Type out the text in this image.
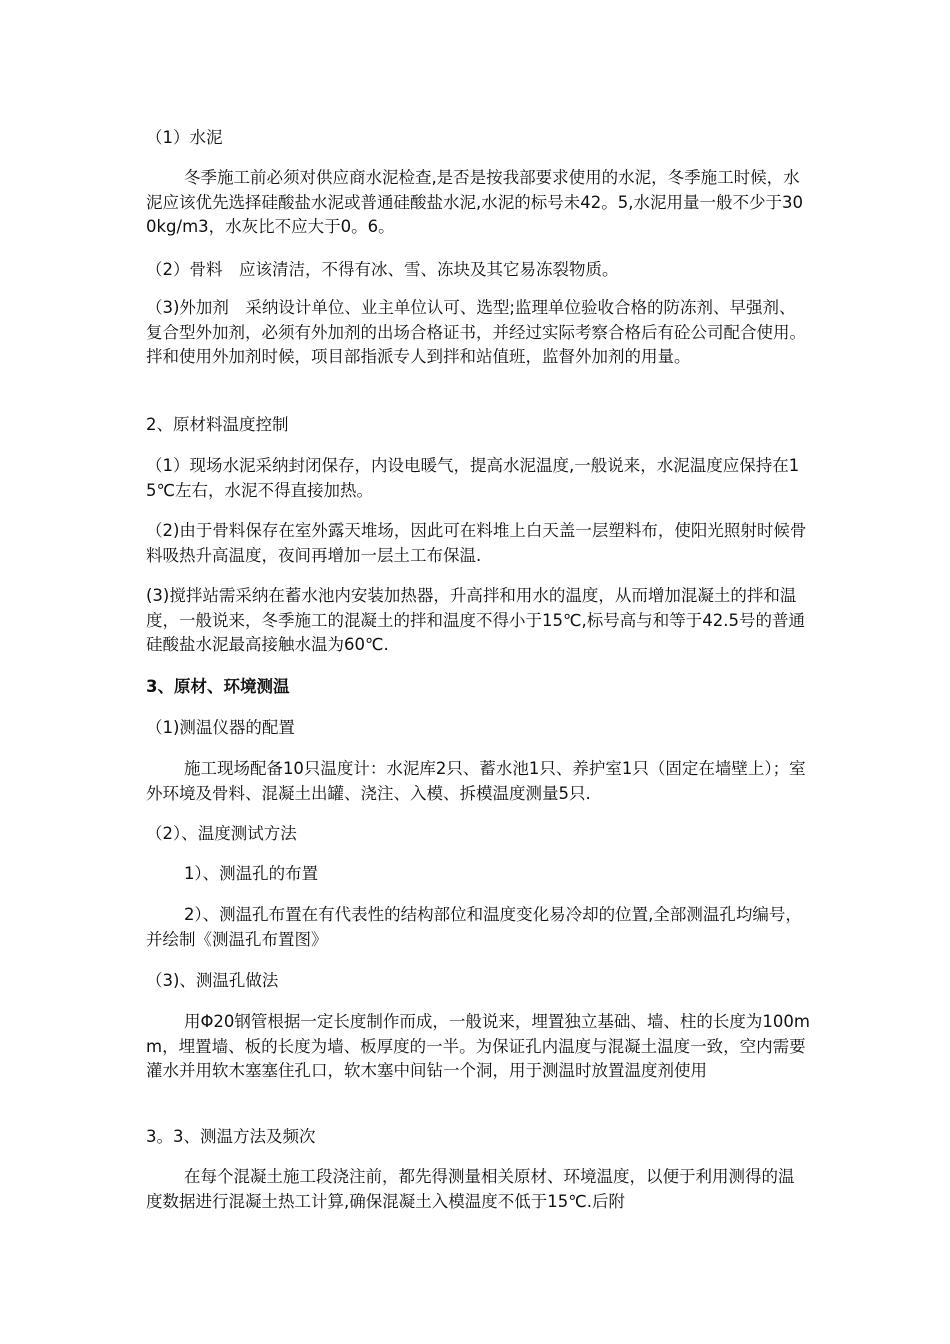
（1）水泥

冬季施工前必须对供应商水泥检查,是否是按我部要求使用的水泥，冬季施工时候，水泥应该优先选择硅酸盐水泥或普通硅酸盐水泥,水泥的标号未42。5,水泥用量一般不少于300kg/m3，水灰比不应大于0。6。

（2）骨料　应该清洁，不得有冰、雪、冻块及其它易冻裂物质。

（3)外加剂　采纳设计单位、业主单位认可、选型;监理单位验收合格的防冻剂、早强剂、复合型外加剂，必须有外加剂的出场合格证书，并经过实际考察合格后有砼公司配合使用。拌和使用外加剂时候，项目部指派专人到拌和站值班，监督外加剂的用量。

2、原材料温度控制

（1）现场水泥采纳封闭保存，内设电暖气，提高水泥温度,一般说来，水泥温度应保持在15℃左右，水泥不得直接加热。

（2)由于骨料保存在室外露天堆场，因此可在料堆上白天盖一层塑料布，使阳光照射时候骨料吸热升高温度，夜间再增加一层土工布保温.

(3)搅拌站需采纳在蓄水池内安装加热器，升高拌和用水的温度，从而增加混凝土的拌和温度，一般说来，冬季施工的混凝土的拌和温度不得小于15℃,标号高与和等于42.5号的普通硅酸盐水泥最高接触水温为60℃.

3、原材、环境测温

（1)测温仪器的配置

施工现场配备10只温度计：水泥库2只、蓄水池1只、养护室1只（固定在墙壁上）；室外环境及骨料、混凝土出罐、浇注、入模、拆模温度测量5只.

（2）、温度测试方法

1）、测温孔的布置

2）、测温孔布置在有代表性的结构部位和温度变化易冷却的位置,全部测温孔均编号，并绘制《测温孔布置图》

（3)、测温孔做法

用Φ20钢管根据一定长度制作而成，一般说来，埋置独立基础、墙、柱的长度为100mm，埋置墙、板的长度为墙、板厚度的一半。为保证孔内温度与混凝土温度一致，空内需要灌水并用软木塞塞住孔口，软木塞中间钻一个洞，用于测温时放置温度剂使用

3。3、测温方法及频次

在每个混凝土施工段浇注前，都先得测量相关原材、环境温度，以便于利用测得的温度数据进行混凝土热工计算,确保混凝土入模温度不低于15℃.后附
